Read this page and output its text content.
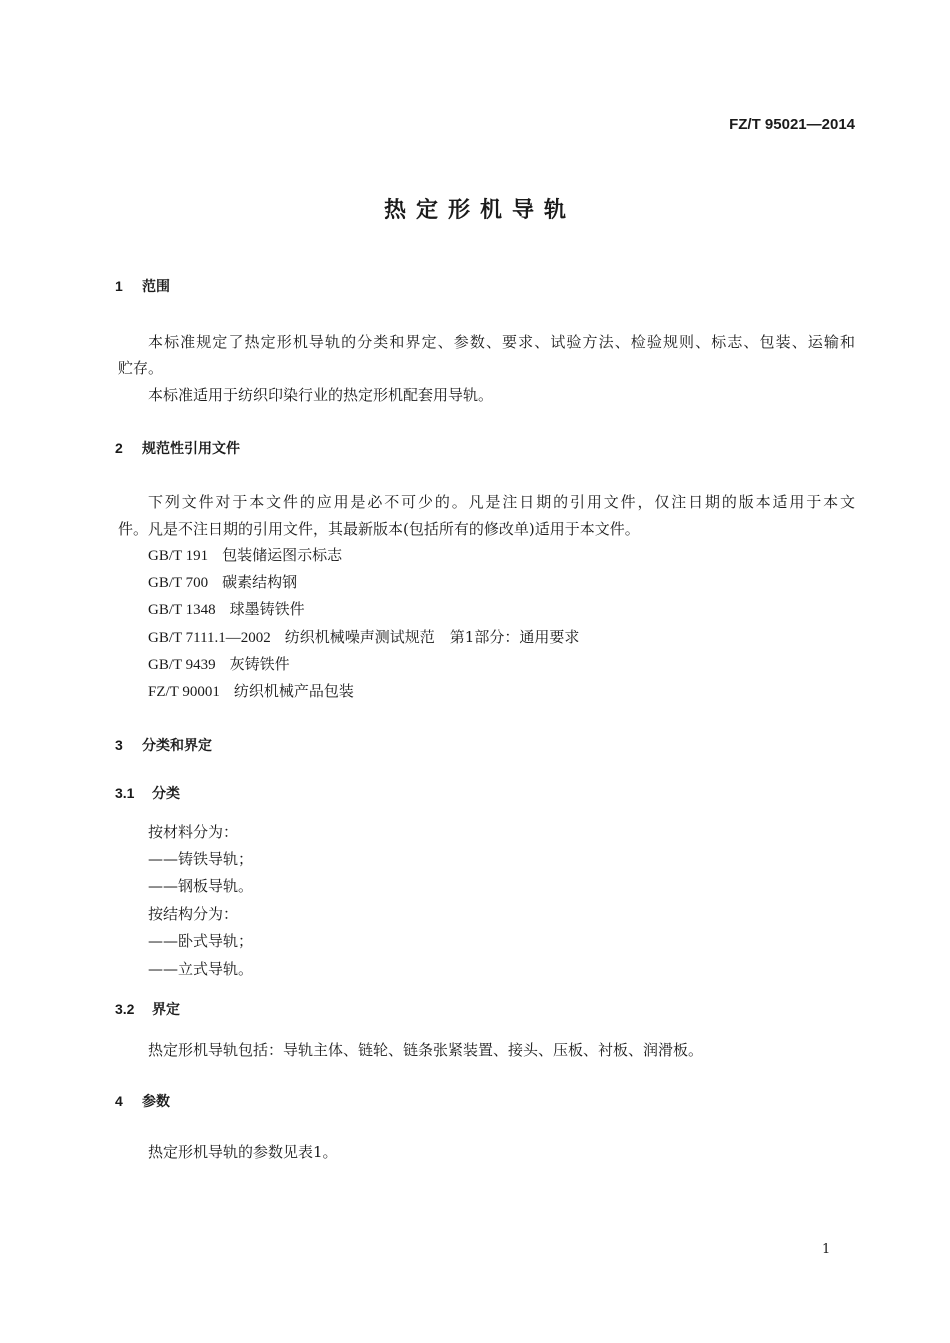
FZ/T 95021—2014
热定形机导轨
1 范围
本标准规定了热定形机导轨的分类和界定、参数、要求、试验方法、检验规则、标志、包装、运输和
贮存。
本标准适用于纺织印染行业的热定形机配套用导轨。
2 规范性引用文件
下列文件对于本文件的应用是必不可少的。凡是注日期的引用文件，仅注日期的版本适用于本文
件。凡是不注日期的引用文件，其最新版本(包括所有的修改单)适用于本文件。
GB/T 191 包装储运图示标志
GB/T 700 碳素结构钢
GB/T 1348 球墨铸铁件
GB/T 7111.1—2002 纺织机械噪声测试规范　第1部分：通用要求
GB/T 9439 灰铸铁件
FZ/T 90001 纺织机械产品包装
3 分类和界定
3.1 分类
按材料分为：
——铸铁导轨；
——钢板导轨。
按结构分为：
——卧式导轨；
——立式导轨。
3.2 界定
热定形机导轨包括：导轨主体、链轮、链条张紧装置、接头、压板、衬板、润滑板。
4 参数
热定形机导轨的参数见表1。
1
